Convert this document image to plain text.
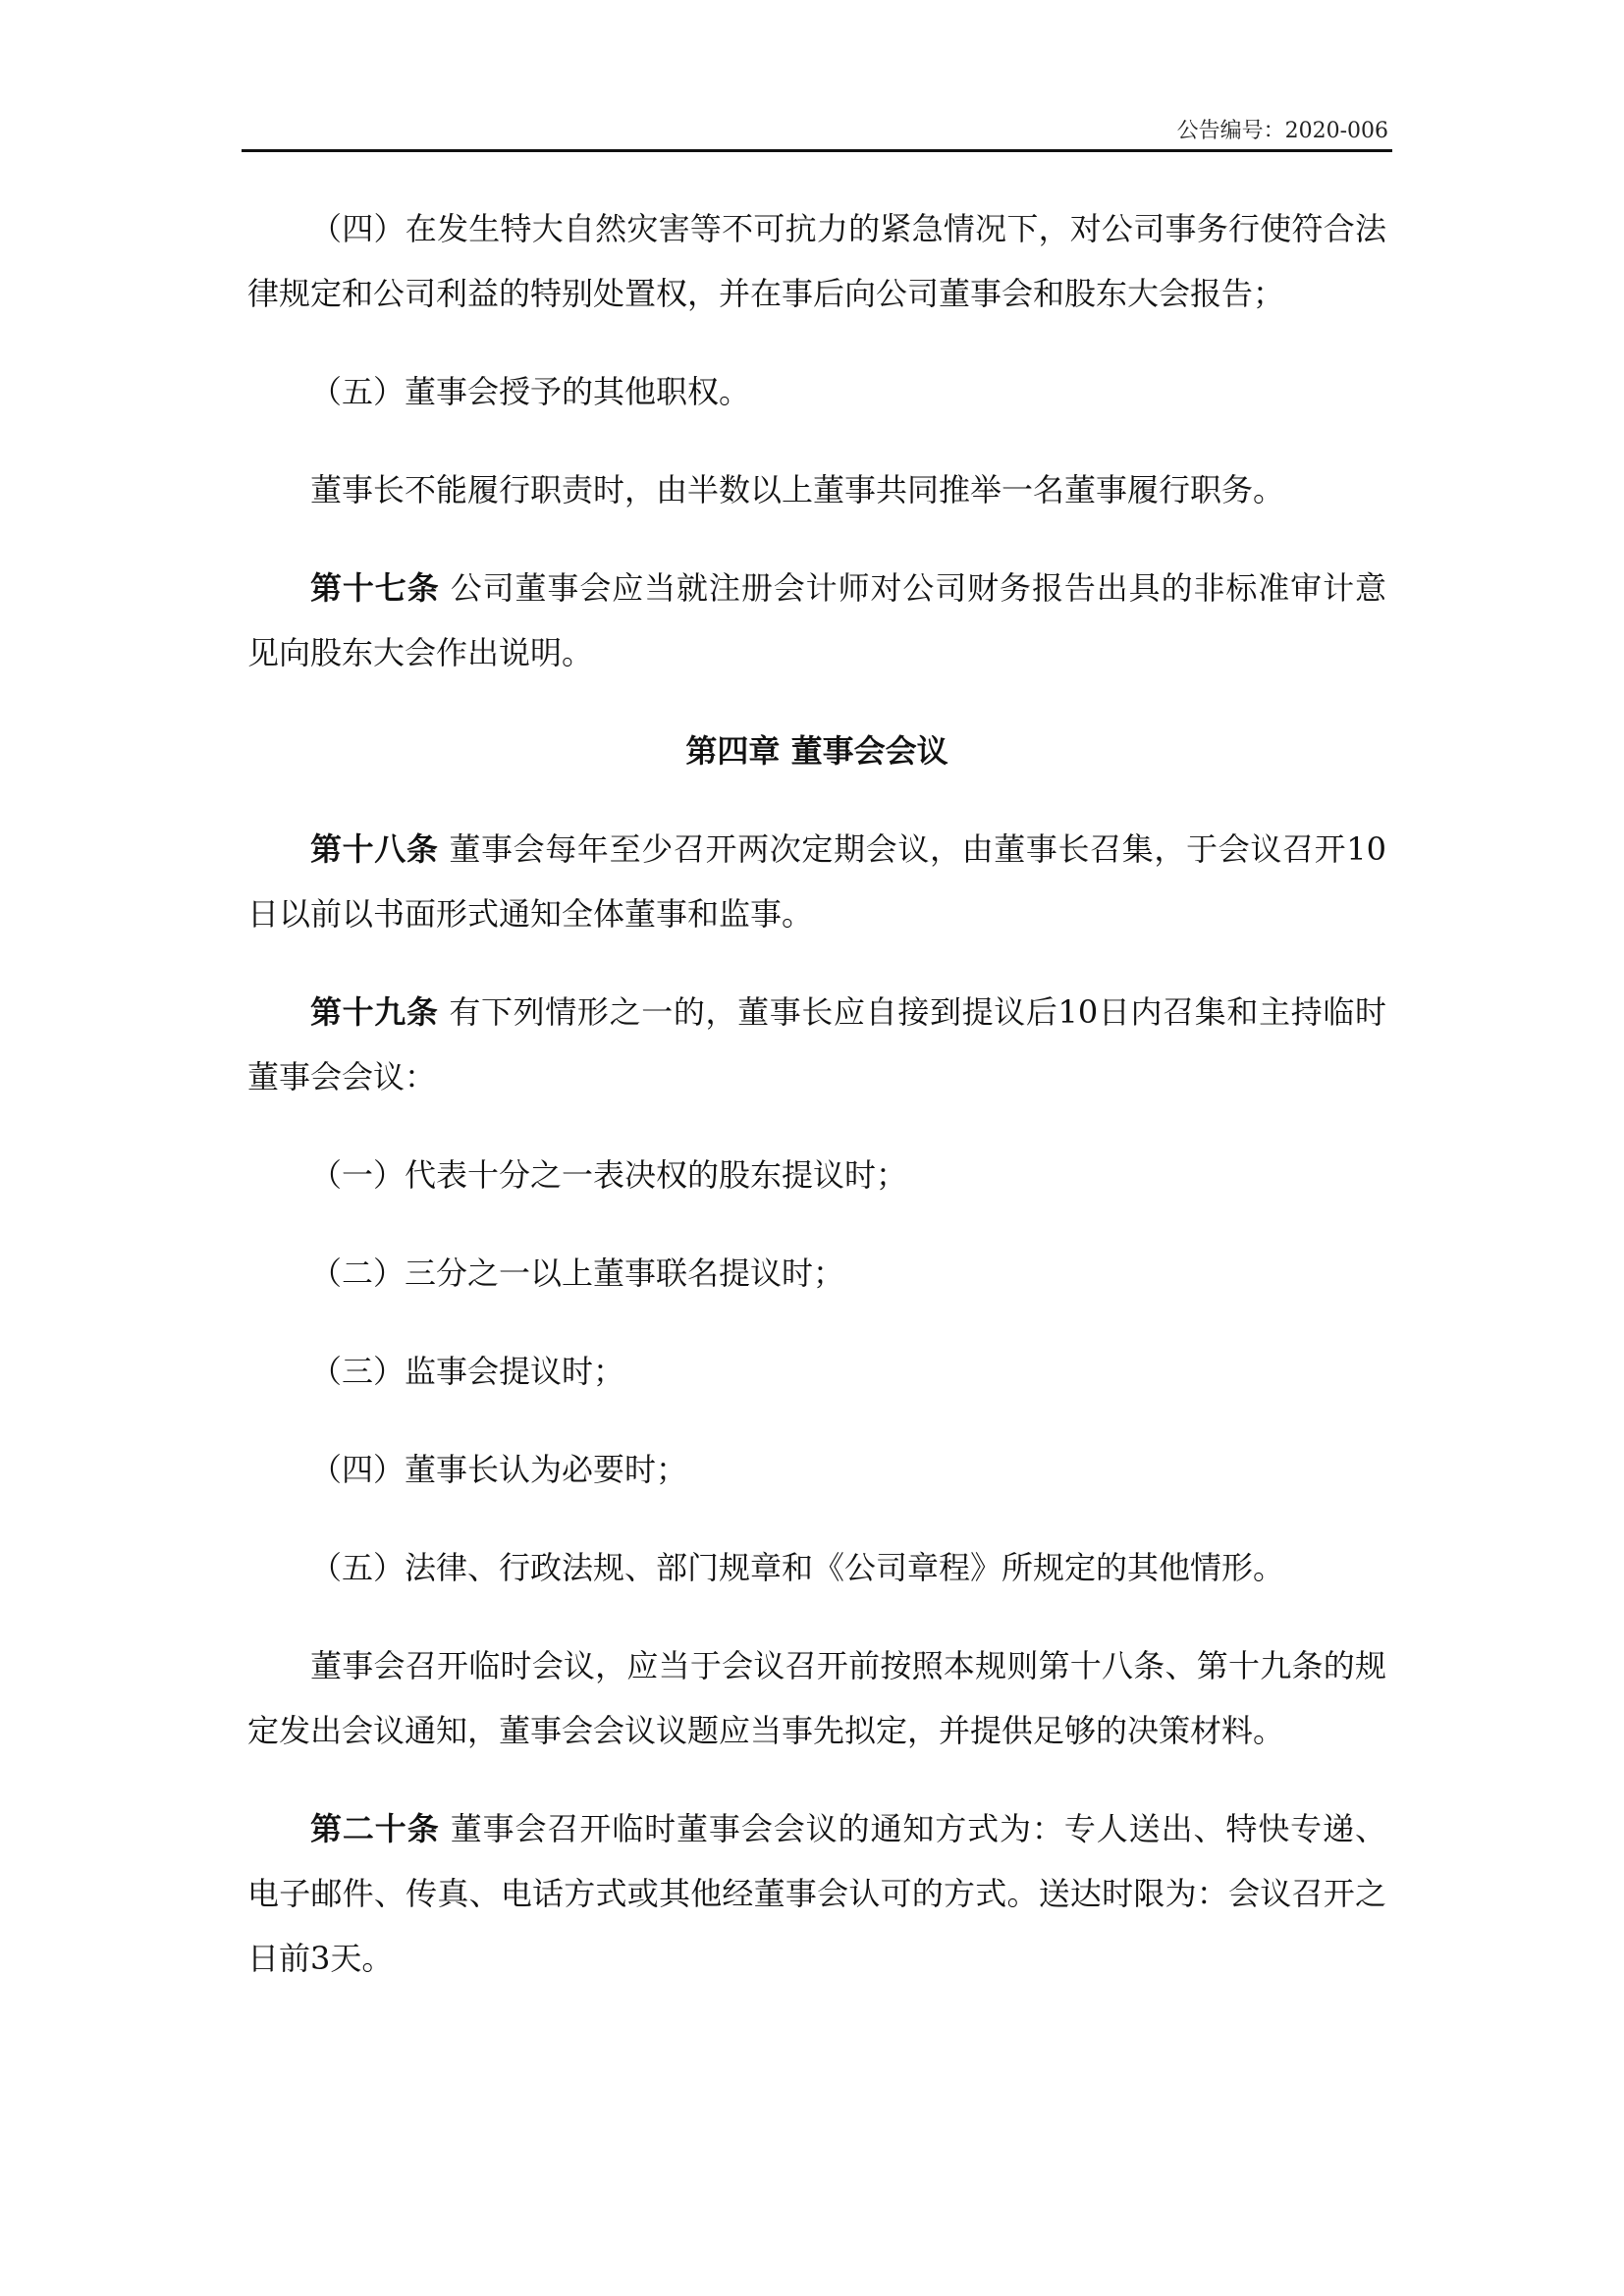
公告编号：2020-006

（四）在发生特大自然灾害等不可抗力的紧急情况下，对公司事务行使符合法律规定和公司利益的特别处置权，并在事后向公司董事会和股东大会报告；

（五）董事会授予的其他职权。

董事长不能履行职责时，由半数以上董事共同推举一名董事履行职务。

第十七条 公司董事会应当就注册会计师对公司财务报告出具的非标准审计意见向股东大会作出说明。

第四章 董事会会议

第十八条 董事会每年至少召开两次定期会议，由董事长召集，于会议召开10日以前以书面形式通知全体董事和监事。

第十九条 有下列情形之一的，董事长应自接到提议后10日内召集和主持临时董事会会议：

（一）代表十分之一表决权的股东提议时；

（二）三分之一以上董事联名提议时；

（三）监事会提议时；

（四）董事长认为必要时；

（五）法律、行政法规、部门规章和《公司章程》所规定的其他情形。

董事会召开临时会议，应当于会议召开前按照本规则第十八条、第十九条的规定发出会议通知，董事会会议议题应当事先拟定，并提供足够的决策材料。

第二十条 董事会召开临时董事会会议的通知方式为：专人送出、特快专递、电子邮件、传真、电话方式或其他经董事会认可的方式。送达时限为：会议召开之日前3天。
